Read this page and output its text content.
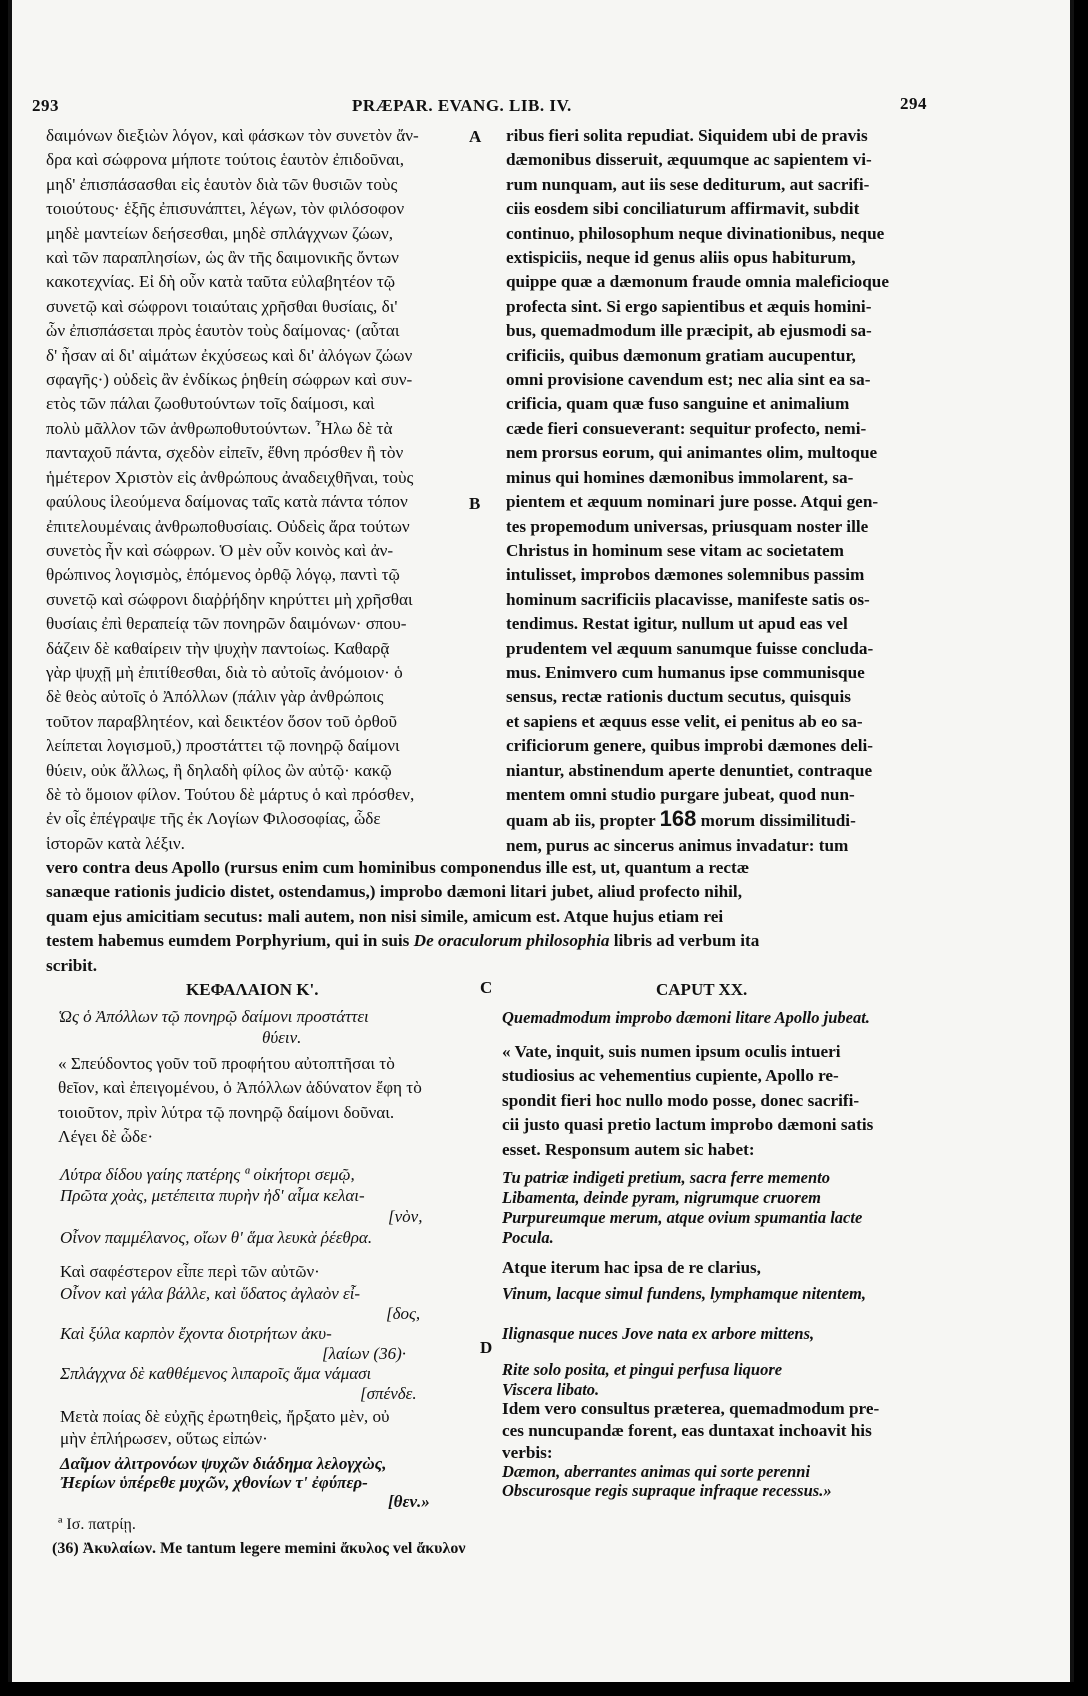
293	PRÆPAR. EVANG. LIB. IV.	294
A
B
C
D
δαιμόνων διεξιὼν λόγον, καὶ φάσκων τὸν συνετὸν ἄν-
δρα καὶ σώφρονα μήποτε τούτοις ἑαυτὸν ἐπιδοῦναι,
μηδ' ἐπισπάσασθαι εἰς ἑαυτὸν διὰ τῶν θυσιῶν τοὺς
τοιούτους· ἑξῆς ἐπισυνάπτει, λέγων, τὸν φιλόσοφον
μηδὲ μαντείων δεήσεσθαι, μηδὲ σπλάγχνων ζώων,
καὶ τῶν παραπλησίων, ὡς ἂν τῆς δαιμονικῆς ὄντων
κακοτεχνίας. Εἰ δὴ οὖν κατὰ ταῦτα εὐλαβητέον τῷ
συνετῷ καὶ σώφρονι τοιαύταις χρῆσθαι θυσίαις, δι'
ὧν ἐπισπάσεται πρὸς ἑαυτὸν τοὺς δαίμονας· (αὗται
δ' ἦσαν αἱ δι' αἱμάτων ἐκχύσεως καὶ δι' ἀλόγων ζώων
σφαγῆς·) οὐδεὶς ἂν ἐνδίκως ῥηθείη σώφρων καὶ συν-
ετὸς τῶν πάλαι ζωοθυτούντων τοῖς δαίμοσι, καὶ
πολὺ μᾶλλον τῶν ἀνθρωποθυτούντων. Ἦλω δὲ τὰ
πανταχοῦ πάντα, σχεδὸν εἰπεῖν, ἔθνη πρόσθεν ἢ τὸν
ἡμέτερον Χριστὸν εἰς ἀνθρώπους ἀναδειχθῆναι, τοὺς
φαύλους ἱλεούμενα δαίμονας ταῖς κατὰ πάντα τόπον
ἐπιτελουμέναις ἀνθρωποθυσίαις. Οὐδεὶς ἄρα τούτων
συνετὸς ἦν καὶ σώφρων. Ὁ μὲν οὖν κοινὸς καὶ ἀν-
θρώπινος λογισμὸς, ἑπόμενος ὀρθῷ λόγῳ, παντὶ τῷ
συνετῷ καὶ σώφρονι διαῤῥήδην κηρύττει μὴ χρῆσθαι
θυσίαις ἐπὶ θεραπείᾳ τῶν πονηρῶν δαιμόνων· σπου-
δάζειν δὲ καθαίρειν τὴν ψυχὴν παντοίως. Καθαρᾷ
γὰρ ψυχῇ μὴ ἐπιτίθεσθαι, διὰ τὸ αὐτοῖς ἀνόμοιον· ὁ
δὲ θεὸς αὐτοῖς ὁ Ἀπόλλων (πάλιν γὰρ ἀνθρώποις
τοῦτον παραβλητέον, καὶ δεικτέον ὅσον τοῦ ὀρθοῦ
λείπεται λογισμοῦ,) προστάττει τῷ πονηρῷ δαίμονι
θύειν, οὐκ ἄλλως, ἢ δηλαδὴ φίλος ὢν αὐτῷ· κακῷ
δὲ τὸ ὅμοιον φίλον. Τούτου δὲ μάρτυς ὁ καὶ πρόσθεν,
ἐν οἷς ἐπέγραψε τῆς ἐκ Λογίων Φιλοσοφίας, ὧδε
ἱστορῶν κατὰ λέξιν.
ribus fieri solita repudiat. Siquidem ubi de pravis
dæmonibus disseruit, æquumque ac sapientem vi-
rum nunquam, aut iis sese dediturum, aut sacrifi-
ciis eosdem sibi conciliaturum affirmavit, subdit
continuo, philosophum neque divinationibus, neque
extispiciis, neque id genus aliis opus habiturum,
quippe quæ a dæmonum fraude omnia maleficioque
profecta sint. Si ergo sapientibus et æquis homini-
bus, quemadmodum ille præcipit, ab ejusmodi sa-
crificiis, quibus dæmonum gratiam aucupentur,
omni provisione cavendum est; nec alia sint ea sa-
crificia, quam quæ fuso sanguine et animalium
cæde fieri consueverant: sequitur profecto, nemi-
nem prorsus eorum, qui animantes olim, multoque
minus qui homines dæmonibus immolarent, sa-
pientem et æquum nominari jure posse. Atqui gen-
tes propemodum universas, priusquam noster ille
Christus in hominum sese vitam ac societatem
intulisset, improbos dæmones solemnibus passim
hominum sacrificiis placavisse, manifeste satis os-
tendimus. Restat igitur, nullum ut apud eas vel
prudentem vel æquum sanumque fuisse concluda-
mus. Enimvero cum humanus ipse communisque
sensus, rectæ rationis ductum secutus, quisquis
et sapiens et æquus esse velit, ei penitus ab eo sa-
crificiorum genere, quibus improbi dæmones deli-
niantur, abstinendum aperte denuntiet, contraque
mentem omni studio purgare jubeat, quod nun-
quam ab iis, propter 168 morum dissimilitudi-
nem, purus ac sincerus animus invadatur: tum
vero contra deus Apollo (rursus enim cum hominibus componendus ille est, ut, quantum a rectæ
sanæque rationis judicio distet, ostendamus,) improbo dæmoni litari jubet, aliud profecto nihil,
quam ejus amicitiam secutus: mali autem, non nisi simile, amicum est. Atque hujus etiam rei
testem habemus eumdem Porphyrium, qui in suis De oraculorum philosophia libris ad verbum ita
scribit.
ΚΕΦΑΛΑΙΟΝ Κ'.	CAPUT XX.
Ὡς ὁ Ἀπόλλων τῷ πονηρῷ δαίμονι προστάττει
θύειν.
Quemadmodum improbo dæmoni litare Apollo jubeat.
« Σπεύδοντος γοῦν τοῦ προφήτου αὐτοπτῆσαι τὸ
θεῖον, καὶ ἐπειγομένου, ὁ Ἀπόλλων ἀδύνατον ἔφη τὸ
τοιοῦτον, πρὶν λύτρα τῷ πονηρῷ δαίμονι δοῦναι.
Λέγει δὲ ὧδε·
« Vate, inquit, suis numen ipsum oculis intueri
studiosius ac vehementius cupiente, Apollo re-
spondit fieri hoc nullo modo posse, donec sacrifi-
cii justo quasi pretio lactum improbo dæmoni satis
esset. Responsum autem sic habet:
Λύτρα δίδου γαίης πατέρης ª οἰκήτορι σεμῷ,
Πρῶτα χοὰς, μετέπειτα πυρὴν ἠδ' αἷμα κελαι-
[νὸν,
Οἶνον παμμέλανος, οἴων θ' ἅμα λευκὰ ῥέεθρα.
Tu patriæ indigeti pretium, sacra ferre memento
Libamenta, deinde pyram, nigrumque cruorem
Purpureumque merum, atque ovium spumantia lacte
Pocula.
Καὶ σαφέστερον εἶπε περὶ τῶν αὐτῶν·	Atque iterum hac ipsa de re clarius,
Οἶνον καὶ γάλα βάλλε, καὶ ὕδατος ἀγλαὸν εἶ-
[δος,
Καὶ ξύλα καρπὸν ἔχοντα διοτρήτων ἀκυ-
[λαίων (36)·
Σπλάγχνα δὲ καθθέμενος λιπαροῖς ἅμα νάμασι
[σπένδε.
Vinum, lacque simul fundens, lymphamque nitentem,
Ilignasque nuces Jove nata ex arbore mittens,
Rite solo posita, et pingui perfusa liquore
Viscera libato.
Μετὰ ποίας δὲ εὐχῆς ἐρωτηθεὶς, ἤρξατο μὲν, οὐ
μὴν ἐπλήρωσεν, οὕτως εἰπών·
Idem vero consultus præterea, quemadmodum pre-
ces nuncupandæ forent, eas duntaxat inchoavit his
verbis:
Δαῖμον ἀλιτρονόων ψυχῶν διάδημα λελογχὼς,
Ἠερίων ὑπέρεθε μυχῶν, χθονίων τ' ἐφύπερ-
[θεν.»
Dæmon, aberrantes animas qui sorte perenni
Obscurosque regis supraque infraque recessus.»
ª Ισ. πατρίῃ.
(36) Ἀκυλαίων. Me tantum legere memini ἄκυλος vel ἄκυλον
